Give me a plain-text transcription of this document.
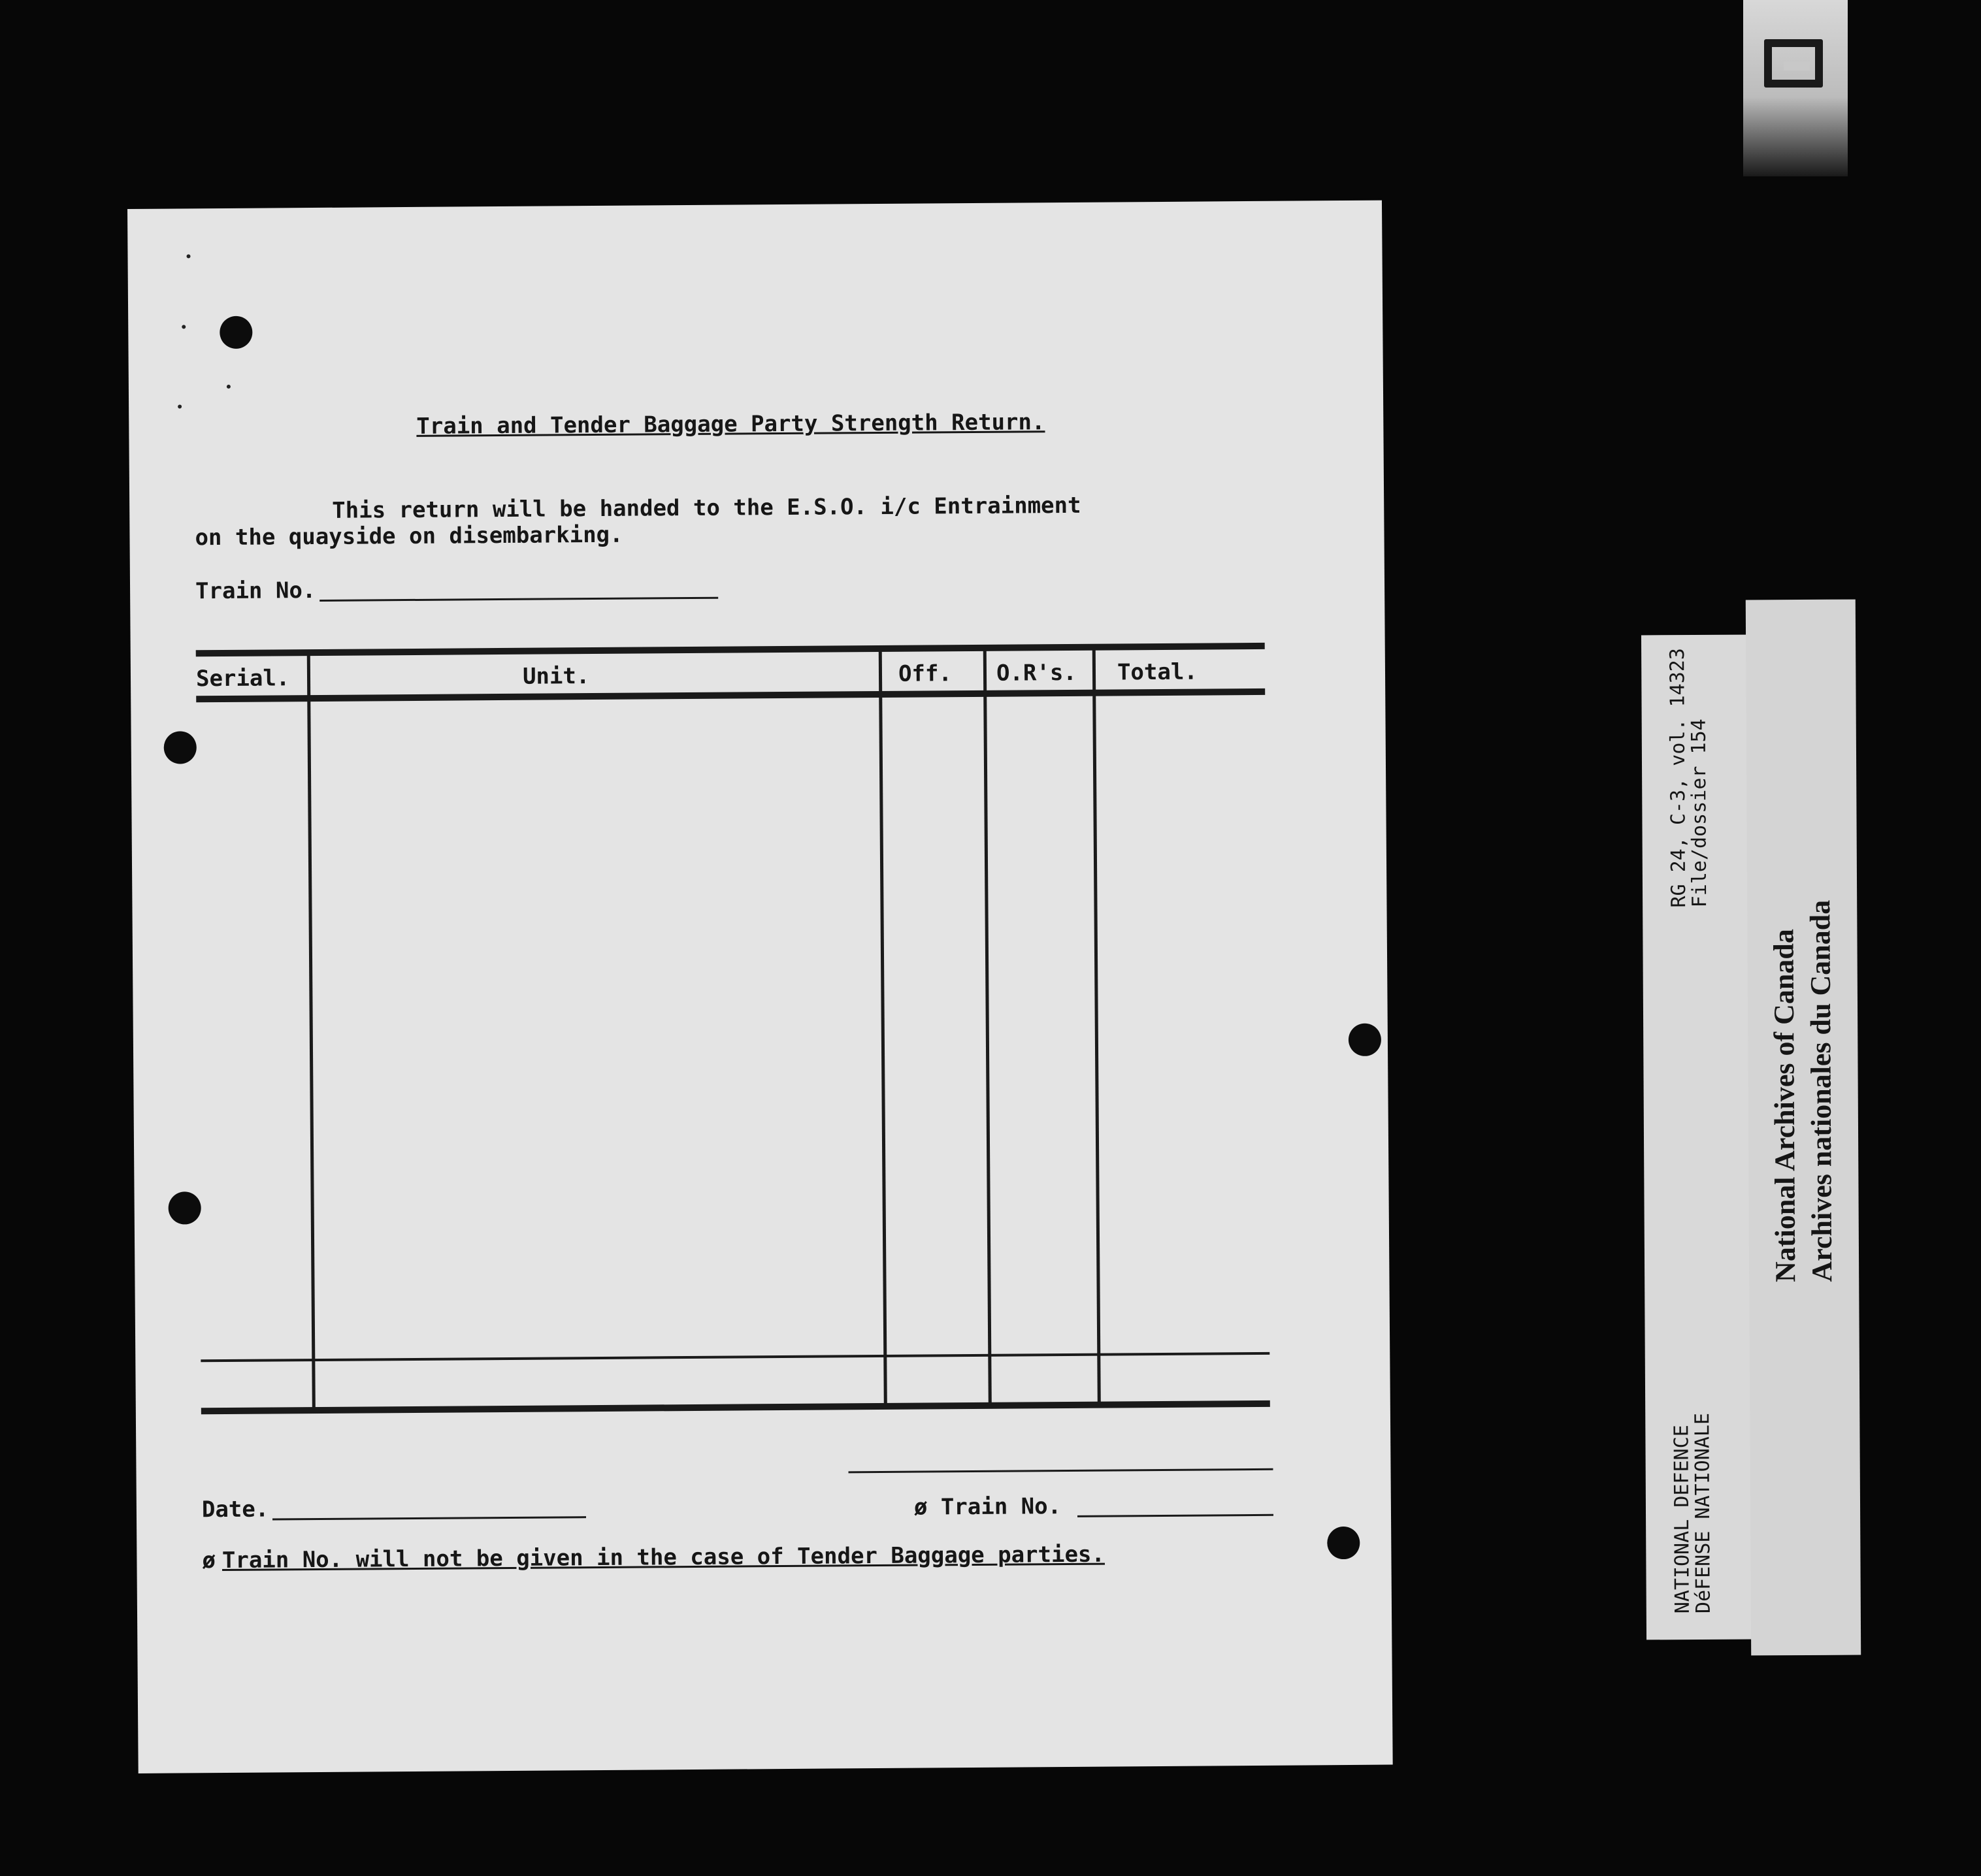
Train and Tender Baggage Party Strength Return.
This return will be handed to the E.S.O. i/c Entrainment
on the quayside on disembarking.
Train No.
Serial.	Unit.	Off. O.R's. Total.
Date.	ø Train No.
ø Train No. will not be given in the case of Tender Baggage parties.	NATIONAL DEFENCE
DéFENSE NATIONALE
RG 24, C-3, vol. 14323
File/dossier 154
National Archives of Canada
Archives nationales du Canada
